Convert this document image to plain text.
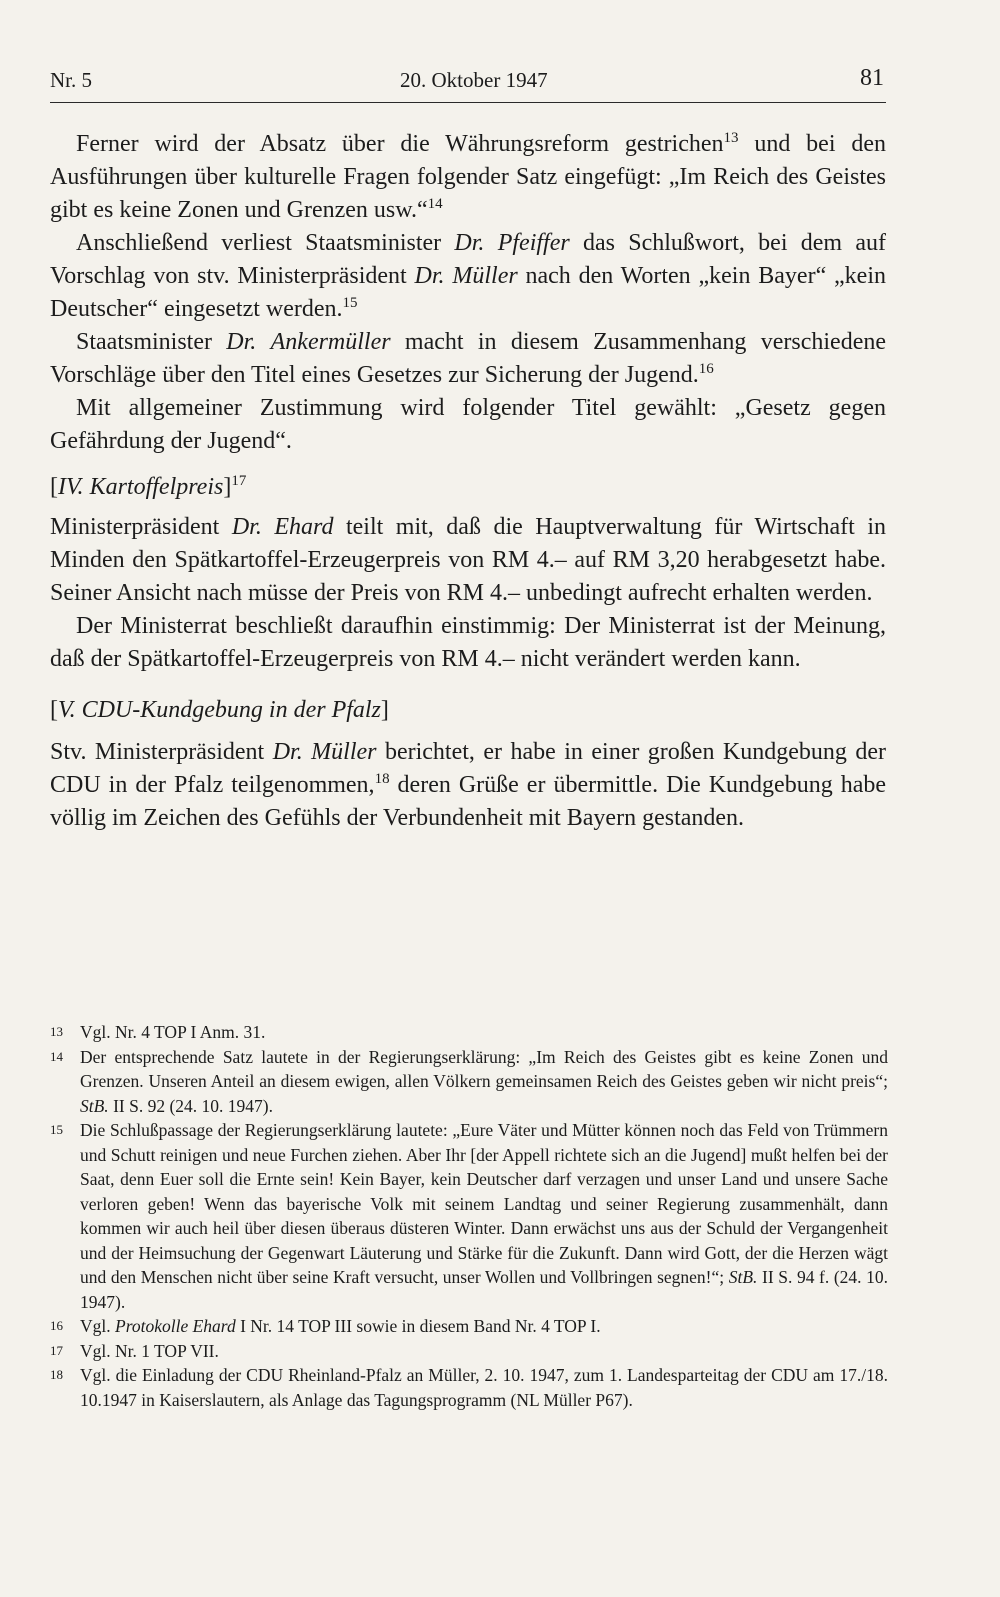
Nr. 5	20. Oktober 1947	81

Ferner wird der Absatz über die Währungsreform gestrichen$^{13}$ und bei den Ausführungen über kulturelle Fragen folgender Satz eingefügt: „Im Reich des Geistes gibt es keine Zonen und Grenzen usw.“$^{14}$

Anschließend verliest Staatsminister Dr. Pfeiffer das Schlußwort, bei dem auf Vorschlag von stv. Ministerpräsident Dr. Müller nach den Worten „kein Bayer“ „kein Deutscher“ eingesetzt werden.$^{15}$

Staatsminister Dr. Ankermüller macht in diesem Zusammenhang verschiedene Vorschläge über den Titel eines Gesetzes zur Sicherung der Jugend.$^{16}$

Mit allgemeiner Zustimmung wird folgender Titel gewählt: „Gesetz gegen Gefährdung der Jugend“.

[IV. Kartoffelpreis]$^{17}$

Ministerpräsident Dr. Ehard teilt mit, daß die Hauptverwaltung für Wirtschaft in Minden den Spätkartoffel-Erzeugerpreis von RM 4.– auf RM 3,20 herabgesetzt habe. Seiner Ansicht nach müsse der Preis von RM 4.– unbedingt aufrecht erhalten werden.

Der Ministerrat beschließt daraufhin einstimmig: Der Ministerrat ist der Meinung, daß der Spätkartoffel-Erzeugerpreis von RM 4.– nicht verändert werden kann.

[V. CDU-Kundgebung in der Pfalz]

Stv. Ministerpräsident Dr. Müller berichtet, er habe in einer großen Kundgebung der CDU in der Pfalz teilgenommen,$^{18}$ deren Grüße er übermittle. Die Kundgebung habe völlig im Zeichen des Gefühls der Verbundenheit mit Bayern gestanden.

13 Vgl. Nr. 4 TOP I Anm. 31.
14 Der entsprechende Satz lautete in der Regierungserklärung: „Im Reich des Geistes gibt es keine Zonen und Grenzen. Unseren Anteil an diesem ewigen, allen Völkern gemeinsamen Reich des Geistes geben wir nicht preis“; StB. II S. 92 (24. 10. 1947).
15 Die Schlußpassage der Regierungserklärung lautete: „Eure Väter und Mütter können noch das Feld von Trümmern und Schutt reinigen und neue Furchen ziehen. Aber Ihr [der Appell richtete sich an die Jugend] mußt helfen bei der Saat, denn Euer soll die Ernte sein! Kein Bayer, kein Deutscher darf verzagen und unser Land und unsere Sache verloren geben! Wenn das bayerische Volk mit seinem Landtag und seiner Regierung zusammenhält, dann kommen wir auch heil über diesen überaus düsteren Winter. Dann erwächst uns aus der Schuld der Vergangenheit und der Heimsuchung der Gegenwart Läuterung und Stärke für die Zukunft. Dann wird Gott, der die Herzen wägt und den Menschen nicht über seine Kraft versucht, unser Wollen und Vollbringen segnen!“; StB. II S. 94 f. (24. 10. 1947).
16 Vgl. Protokolle Ehard I Nr. 14 TOP III sowie in diesem Band Nr. 4 TOP I.
17 Vgl. Nr. 1 TOP VII.
18 Vgl. die Einladung der CDU Rheinland-Pfalz an Müller, 2. 10. 1947, zum 1. Landesparteitag der CDU am 17./18. 10.1947 in Kaiserslautern, als Anlage das Tagungsprogramm (NL Müller P67).
